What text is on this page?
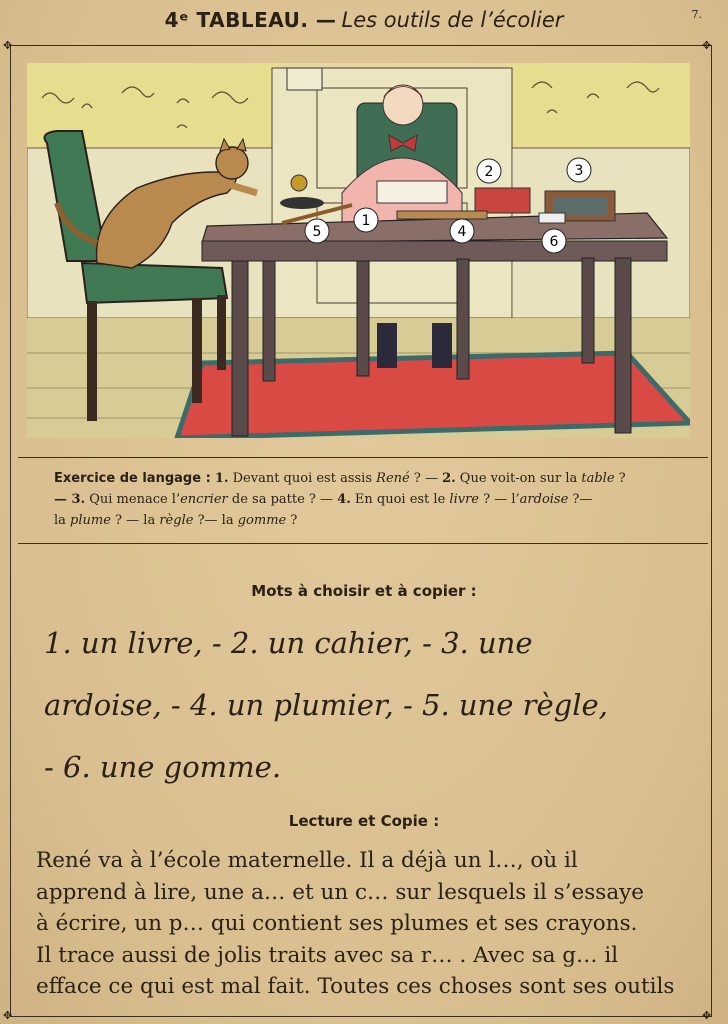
4ᵉ TABLEAU. — Les outils de l’écolier	7.
✥	✥
✥	✥
1
2	3
4
5
6

Exercice de langage : 1. Devant quoi est assis René ? — 2. Que voit-on sur la table ?
— 3. Qui menace l’encrier de sa patte ? — 4. En quoi est le livre ? — l’ardoise ?—
la plume ? — la règle ?— la gomme ?

Mots à choisir et à copier :
1. un livre, - 2. un cahier, - 3. une
ardoise, - 4. un plumier, - 5. une règle,
- 6. une gomme.
Lecture et Copie :
René va à l’école maternelle. Il a déjà un l…, où il
apprend à lire, une a… et un c… sur lesquels il s’essaye
à écrire, un p… qui contient ses plumes et ses crayons.
Il trace aussi de jolis traits avec sa r… . Avec sa g… il
efface ce qui est mal fait. Toutes ces choses sont ses outils
